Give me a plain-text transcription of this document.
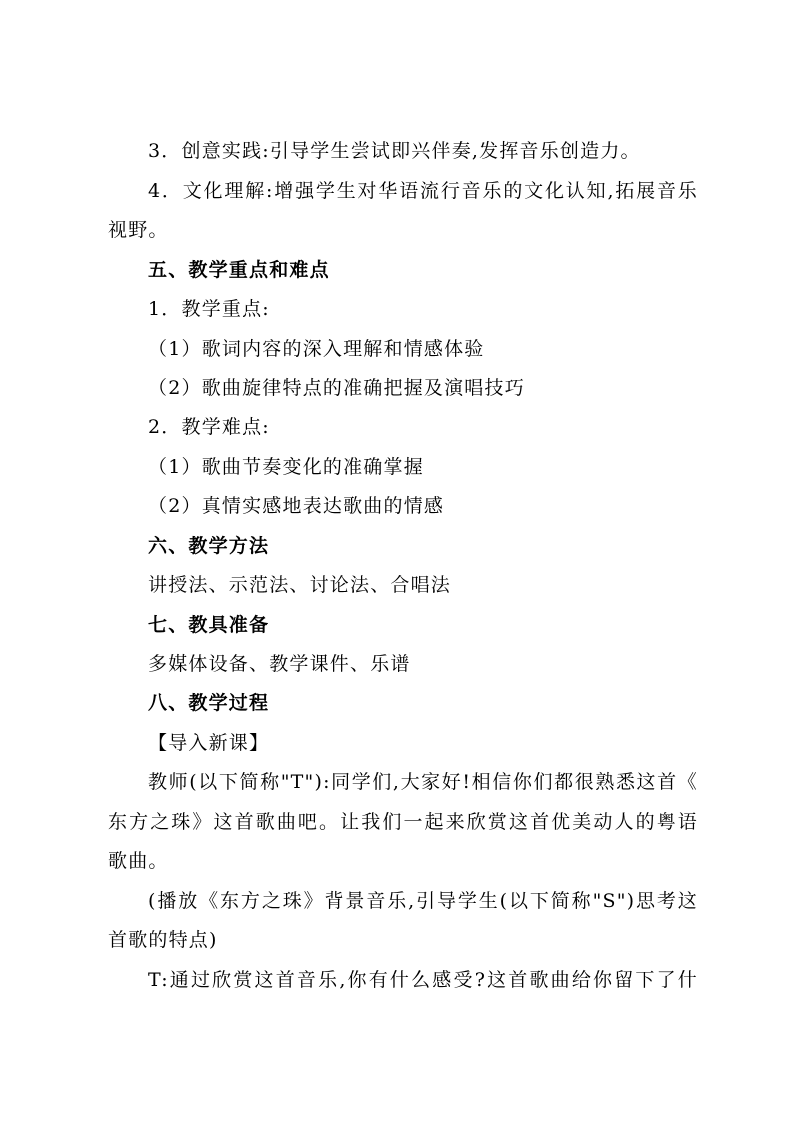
3．创意实践:引导学生尝试即兴伴奏,发挥音乐创造力。
4．文化理解:增强学生对华语流行音乐的文化认知,拓展音乐
视野。
五、教学重点和难点
1．教学重点:
（1）歌词内容的深入理解和情感体验
（2）歌曲旋律特点的准确把握及演唱技巧
2．教学难点:
（1）歌曲节奏变化的准确掌握
（2）真情实感地表达歌曲的情感
六、教学方法
讲授法、示范法、讨论法、合唱法
七、教具准备
多媒体设备、教学课件、乐谱
八、教学过程
【导入新课】
教师(以下简称"T"):同学们,大家好!相信你们都很熟悉这首《
东方之珠》这首歌曲吧。让我们一起来欣赏这首优美动人的粤语
歌曲。
(播放《东方之珠》背景音乐,引导学生(以下简称"S")思考这
首歌的特点)
T:通过欣赏这首音乐,你有什么感受?这首歌曲给你留下了什
